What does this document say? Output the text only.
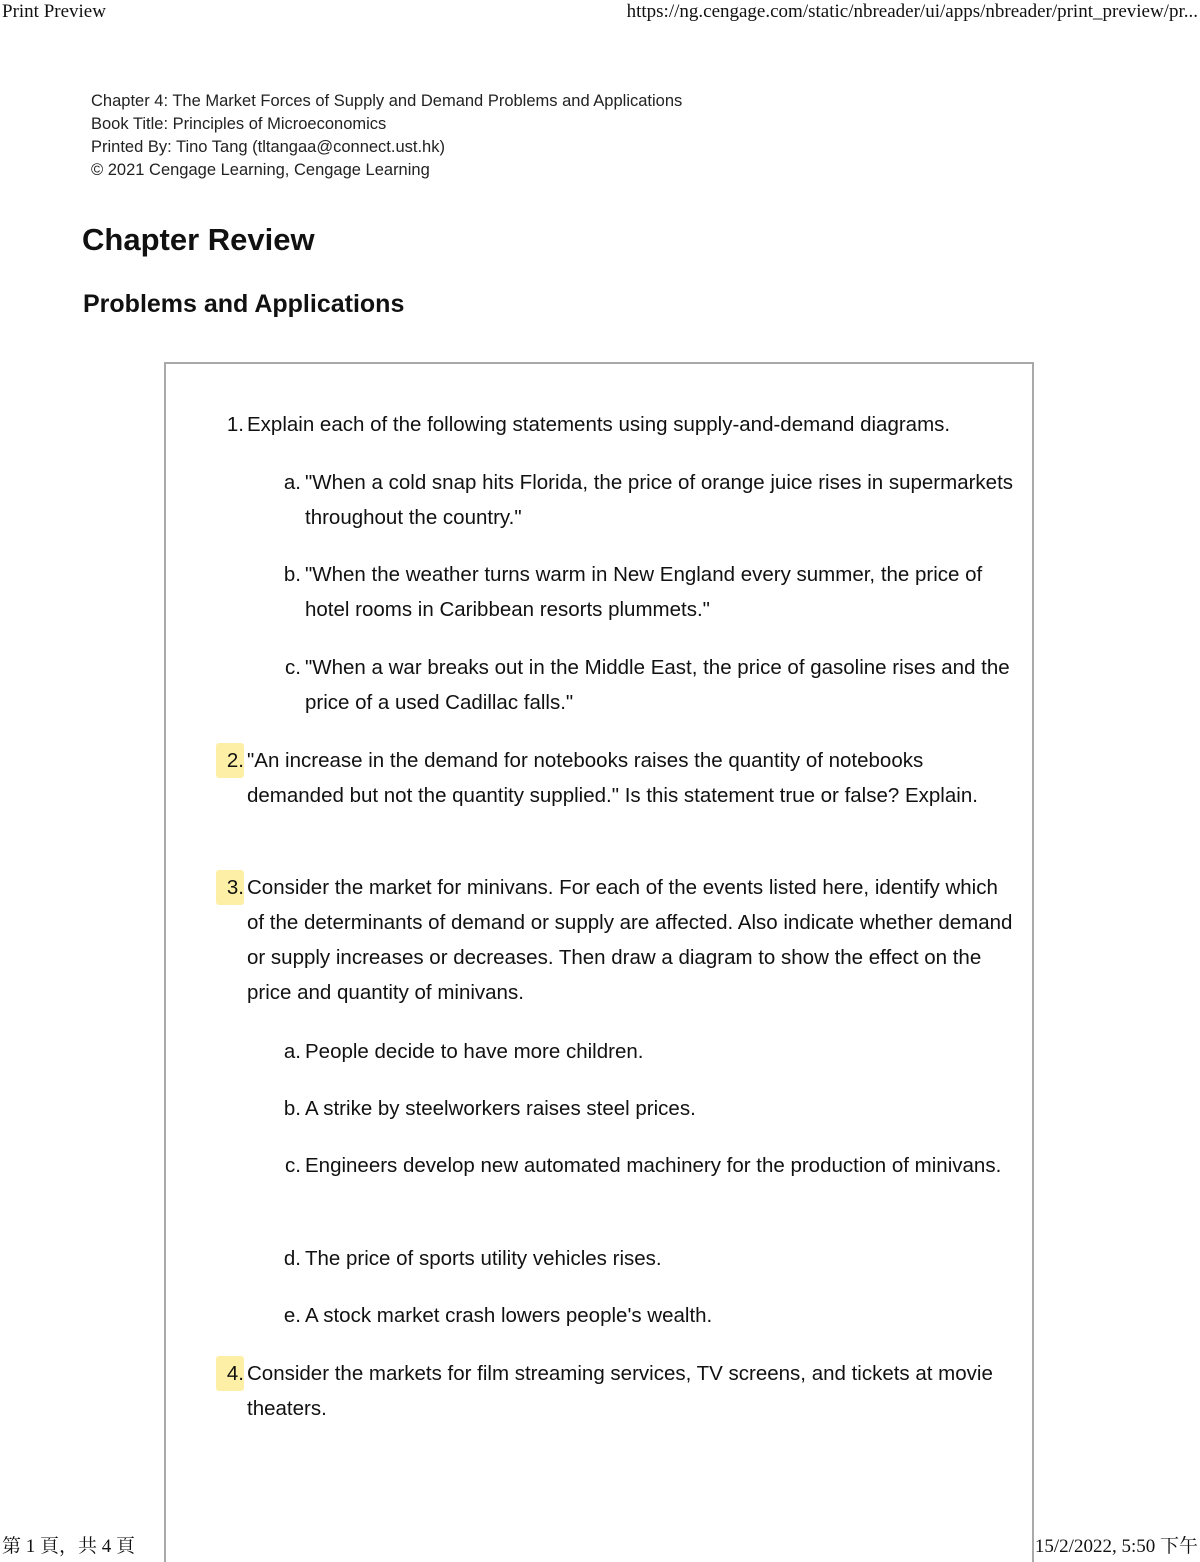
Print Preview	https://ng.cengage.com/static/nbreader/ui/apps/nbreader/print_preview/pr...
Chapter 4: The Market Forces of Supply and Demand Problems and Applications
Book Title: Principles of Microeconomics
Printed By: Tino Tang (tltangaa@connect.ust.hk)
© 2021 Cengage Learning, Cengage Learning
Chapter Review
Problems and Applications
1. Explain each of the following statements using supply-and-demand diagrams.
a. "When a cold snap hits Florida, the price of orange juice rises in supermarkets throughout the country."
b. "When the weather turns warm in New England every summer, the price of hotel rooms in Caribbean resorts plummets."
c. "When a war breaks out in the Middle East, the price of gasoline rises and the price of a used Cadillac falls."
2. "An increase in the demand for notebooks raises the quantity of notebooks demanded but not the quantity supplied." Is this statement true or false? Explain.
3. Consider the market for minivans. For each of the events listed here, identify which of the determinants of demand or supply are affected. Also indicate whether demand or supply increases or decreases. Then draw a diagram to show the effect on the price and quantity of minivans.
a. People decide to have more children.
b. A strike by steelworkers raises steel prices.
c. Engineers develop new automated machinery for the production of minivans.
d. The price of sports utility vehicles rises.
e. A stock market crash lowers people's wealth.
4. Consider the markets for film streaming services, TV screens, and tickets at movie theaters.
第 1 頁，共 4 頁	15/2/2022, 5:50 下午
